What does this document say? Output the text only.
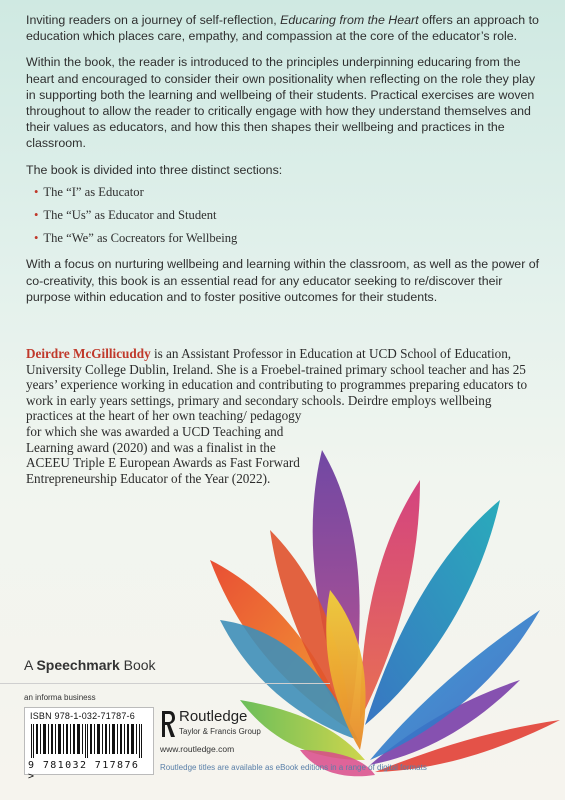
Inviting readers on a journey of self-reflection, Educaring from the Heart offers an approach to education which places care, empathy, and compassion at the core of the educator’s role.

Within the book, the reader is introduced to the principles underpinning educaring from the heart and encouraged to consider their own positionality when reflecting on the role they play in supporting both the learning and wellbeing of their students. Practical exercises are woven throughout to allow the reader to critically engage with how they understand themselves and their values as educators, and how this then shapes their wellbeing and practices in the classroom.

The book is divided into three distinct sections:

• The “I” as Educator
• The “Us” as Educator and Student
• The “We” as Cocreators for Wellbeing

With a focus on nurturing wellbeing and learning within the classroom, as well as the power of co-creativity, this book is an essential read for any educator seeking to re/discover their purpose within education and to foster positive outcomes for their students.

Deirdre McGillicuddy is an Assistant Professor in Education at UCD School of Education, University College Dublin, Ireland. She is a Froebel-trained primary school teacher and has 25 years’ experience working in education and contributing to programmes preparing educators to work in early years settings, primary and secondary schools. Deirdre employs wellbeing
practices at the heart of her own teaching/ pedagogy for which she was awarded a UCD Teaching and Learning award (2020) and was a finalist in the ACEEU Triple E European Awards as Fast Forward Entrepreneurship Educator of the Year (2022).
A Speechmark Book
an informa business
ISBN 978-1-032-71787-6
9 781032 717876 >
Routledge
Taylor & Francis Group
www.routledge.com
Routledge titles are available as eBook editions in a range of digital formats
